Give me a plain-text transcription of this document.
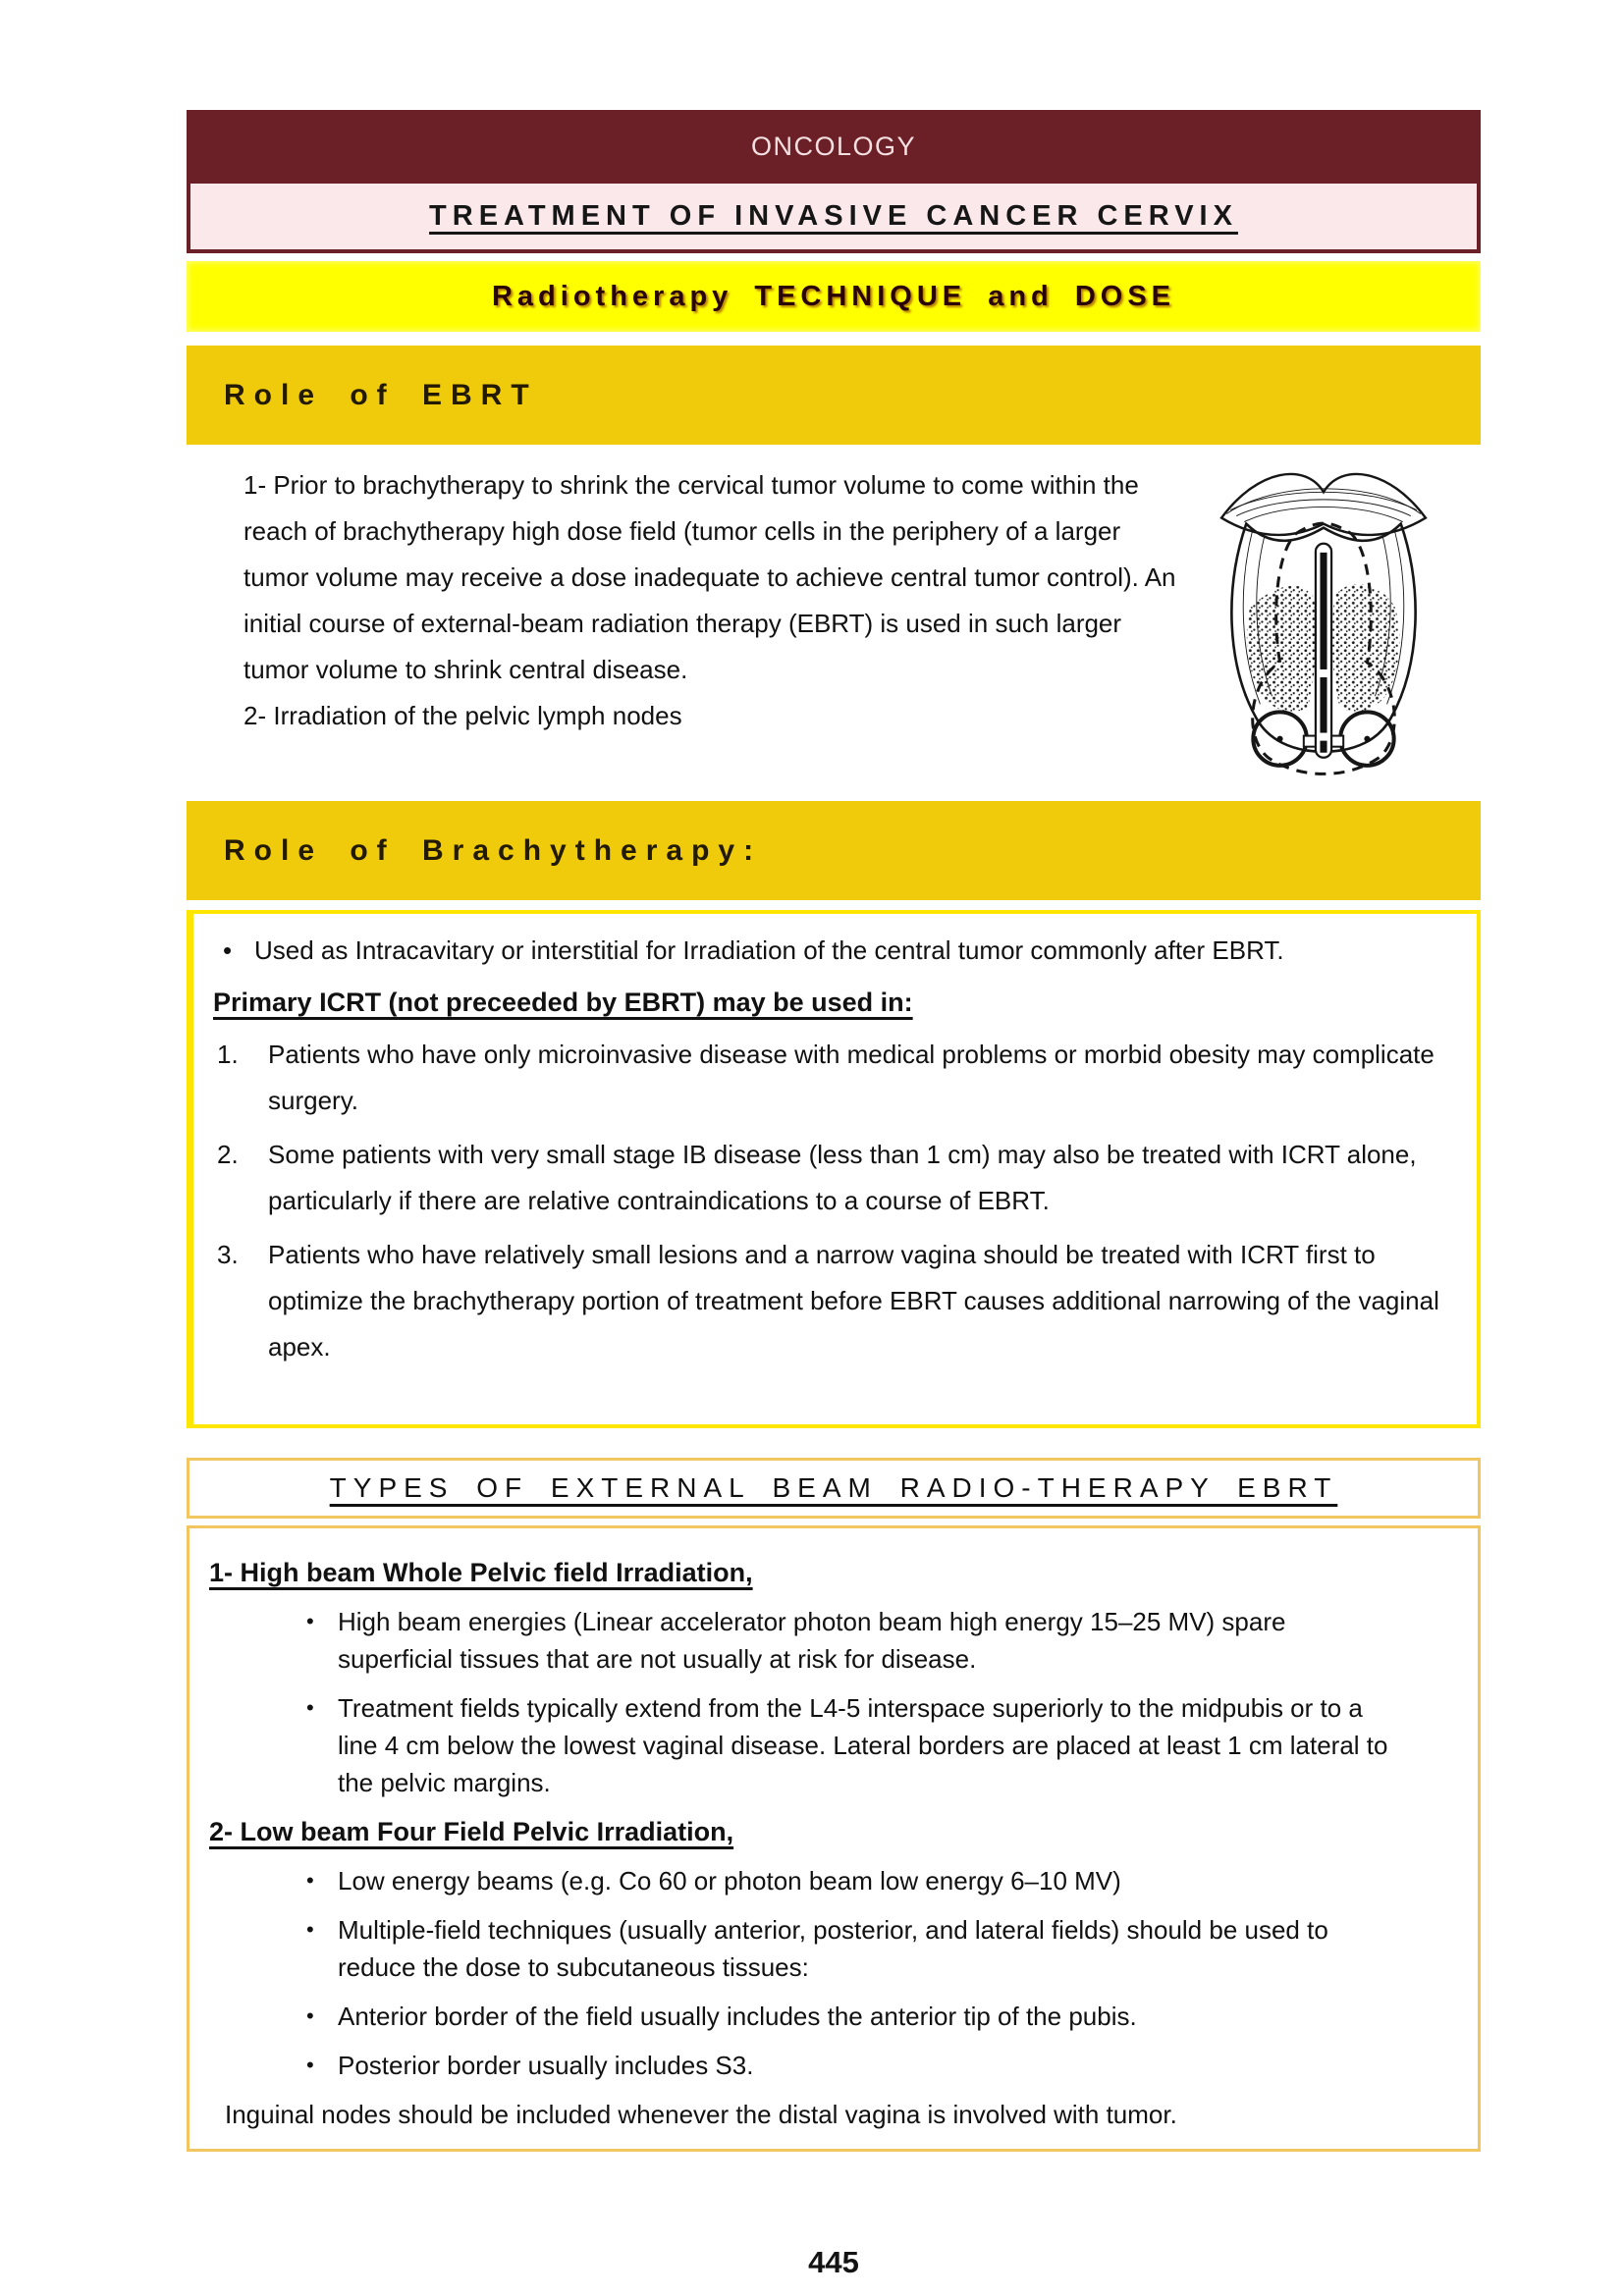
ONCOLOGY
TREATMENT OF INVASIVE CANCER CERVIX
Radiotherapy TECHNIQUE and DOSE
Role of EBRT

1- Prior to brachytherapy to shrink the cervical tumor volume to come within the reach of brachytherapy high dose field (tumor cells in the periphery of a larger tumor volume may receive a dose inadequate to achieve central tumor control). An initial course of external-beam radiation therapy (EBRT) is used in such larger tumor volume to shrink central disease.

2- Irradiation of the pelvic lymph nodes

Role of Brachytherapy:
• Used as Intracavitary or interstitial for Irradiation of the central tumor commonly after EBRT.
Primary ICRT (not preceeded by EBRT) may be used in:
Patients who have only microinvasive disease with medical problems or morbid obesity may complicate surgery.
Some patients with very small stage IB disease (less than 1 cm) may also be treated with ICRT alone, particularly if there are relative contraindications to a course of EBRT.
Patients who have relatively small lesions and a narrow vagina should be treated with ICRT first to optimize the brachytherapy portion of treatment before EBRT causes additional narrowing of the vaginal apex.
TYPES OF EXTERNAL BEAM RADIO-THERAPY EBRT
1- High beam Whole Pelvic field Irradiation,
• High beam energies (Linear accelerator photon beam high energy 15–25 MV) spare superficial tissues that are not usually at risk for disease.
• Treatment fields typically extend from the L4-5 interspace superiorly to the midpubis or to a line 4 cm below the lowest vaginal disease. Lateral borders are placed at least 1 cm lateral to the pelvic margins.
2- Low beam Four Field Pelvic Irradiation,
• Low energy beams (e.g. Co 60 or photon beam low energy 6–10 MV)
• Multiple-field techniques (usually anterior, posterior, and lateral fields) should be used to reduce the dose to subcutaneous tissues:
• Anterior border of the field usually includes the anterior tip of the pubis.
• Posterior border usually includes S3.

Inguinal nodes should be included whenever the distal vagina is involved with tumor.

445
